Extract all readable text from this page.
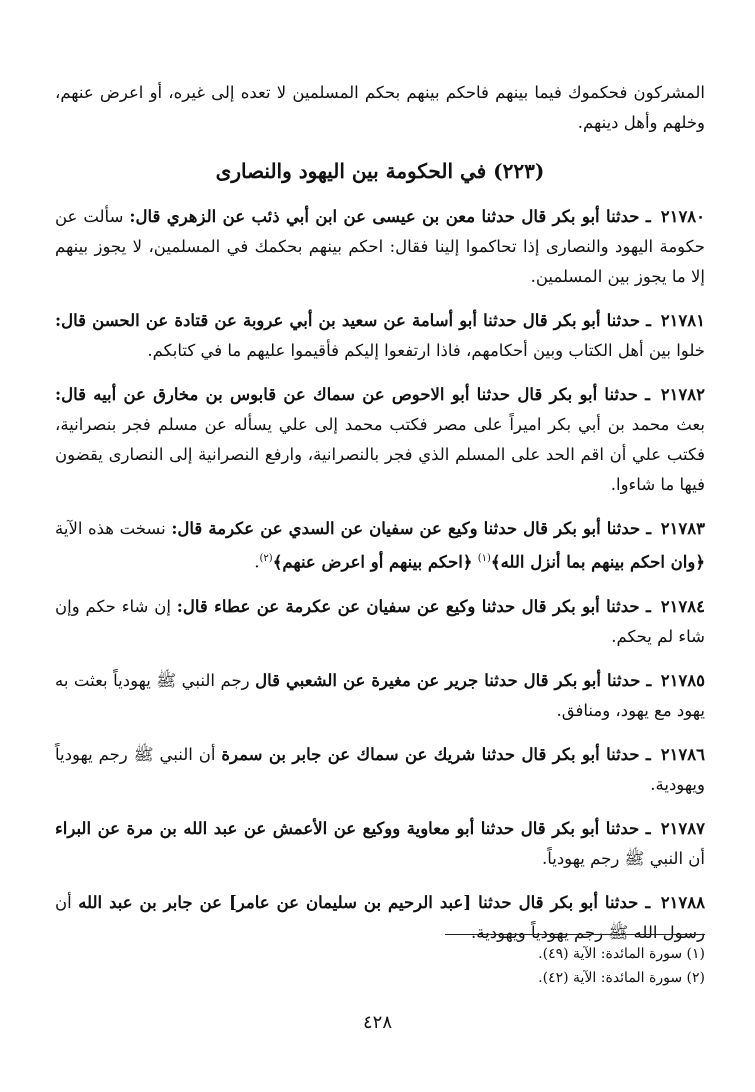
المشركون فحكموك فيما بينهم فاحكم بينهم بحكم المسلمين لا تعده إلى غيره، أو اعرض عنهم، وخلهم وأهل دينهم.

(٢٢٣) في الحكومة بين اليهود والنصارى
٢١٧٨٠ ـ حدثنا أبو بكر قال حدثنا معن بن عيسى عن ابن أبي ذئب عن الزهري قال: سألت عن حكومة اليهود والنصارى إذا تحاكموا إلينا فقال: احكم بينهم بحكمك في المسلمين، لا يجوز بينهم إلا ما يجوز بين المسلمين.
٢١٧٨١ ـ حدثنا أبو بكر قال حدثنا أبو أسامة عن سعيد بن أبي عروبة عن قتادة عن الحسن قال: خلوا بين أهل الكتاب وبين أحكامهم، فاذا ارتفعوا إليكم فأقيموا عليهم ما في كتابكم.
٢١٧٨٢ ـ حدثنا أبو بكر قال حدثنا أبو الاحوص عن سماك عن قابوس بن مخارق عن أبيه قال: بعث محمد بن أبي بكر اميراً على مصر فكتب محمد إلى علي يسأله عن مسلم فجر بنصرانية، فكتب علي أن اقم الحد على المسلم الذي فجر بالنصرانية، وارفع النصرانية إلى النصارى يقضون فيها ما شاءوا.
٢١٧٨٣ ـ حدثنا أبو بكر قال حدثنا وكيع عن سفيان عن السدي عن عكرمة قال: نسخت هذه الآية ﴿وان احكم بينهم بما أنزل الله﴾$^{(١)}$ ﴿احكم بينهم أو اعرض عنهم﴾$^{(٢)}$.
٢١٧٨٤ ـ حدثنا أبو بكر قال حدثنا وكيع عن سفيان عن عكرمة عن عطاء قال: إن شاء حكم وإن شاء لم يحكم.
٢١٧٨٥ ـ حدثنا أبو بكر قال حدثنا جرير عن مغيرة عن الشعبي قال رجم النبي ﷺ يهودياً بعثت به يهود مع يهود، ومنافق.
٢١٧٨٦ ـ حدثنا أبو بكر قال حدثنا شريك عن سماك عن جابر بن سمرة أن النبي ﷺ رجم يهودياً ويهودية.
٢١٧٨٧ ـ حدثنا أبو بكر قال حدثنا أبو معاوية ووكيع عن الأعمش عن عبد الله بن مرة عن البراء أن النبي ﷺ رجم يهودياً.
٢١٧٨٨ ـ حدثنا أبو بكر قال حدثنا [عبد الرحيم بن سليمان عن عامر] عن جابر بن عبد الله أن رسول الله ﷺ رجم يهودياً ويهودية.
(١) سورة المائدة: الآية (٤٩).
(٢) سورة المائدة: الآية (٤٢).
٤٢٨
